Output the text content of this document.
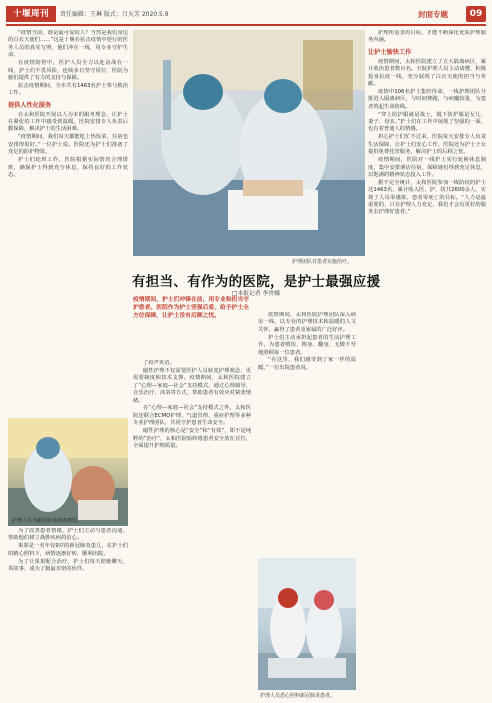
十堰周刊	责任编辑：王琳 版式：吕天芳 2020.5.9	封面专题	09
护理团队对患者实施治疗。
有担当、有作为的医院，是护士最强应援
□本报记者 李贵娜

“疫情当前，谁是最可爱的人？当然是我们身边的白衣天使们……”这是十堰在抗击疫情中逆行的医务人员的真实写照，他们冲在一线，用专业守护生命。

在疫情防控中，医护人员全力以赴奋战在一线，护士们不畏风险，连续多日坚守岗位，医院为她们提供了有力的支持与保障。

抗击疫情期间，全市共有1463名护士参与救治工作。

提供人性化服务

在太和医院开展以人为本的服务理念，让护士在紧张的工作中感受到温暖。医院安排专人负责后勤保障，解决护士的生活困难。

“疫情期间，我们每天都能吃上热饭菜，住宿也安排得很好。”一位护士说。医院还为护士们准备了充足的防护物资。

护士们轮班工作，医院根据实际情况合理排班，确保护士得到充分休息，保持良好的工作状态。

护理人员为新冠肺炎病患喂饭。

为了改善患者情绪，护士们主动与患者沟通，帮助他们树立战胜疾病的信心。

果果是一名年仅9岁的新冠肺炎患儿，在护士们的精心照料下，病情逐渐好转，顺利出院。

为了让果果配合治疗，护士们每天陪她聊天、讲故事，成为了她最亲密的伙伴。

疫情期间，护士们冲锋在前，用专业和担当守护患者。医院作为护士坚强后盾，给予护士全方位保障，让护士没有后顾之忧。

了疫声英语。

磁性护理不仅需要医护人员转变护理观念，更需要制度和技术支撑。疫情期间，太和医院建立了“心理—家庭—社会”支持模式，通过心理疏导、音乐治疗、沐浴等方式，帮助患者有效应对紧张情绪。

在“心理—家庭—社会”支持模式之外，太和医院还联合ECMO护理、气道管理、重症护理等多种专业护理团队，共同守护患者生命安全。

磁性护理的核心是“安全”和“有效”，即不是纯粹的“治疗”，太和医院始终将患者安全放在首位，全面提升护理质量。

疫情期间，太和医院护理团队深入病房一线，以专业的护理技术和温暖的人文关怀，赢得了患者及家属的广泛好评。

护士们主动承担起患者的生活护理工作，为患者喂饭、擦身、翻身，无微不至地照顾每一位患者。

“在这里，我们感受到了家一样的温暖。”一位出院患者说。

护理人员悉心照料新冠肺炎患者。

护理所追求的目标，才能不断深化优质护理服务内涵。

让护士愉快工作

疫情期间，太和医院建立了五大隔离病区，累计收治患者数百名。全院护理人员主动请缨，积极投身抗疫一线，充分展现了白衣天使的担当与奉献。

疫情中106名护士集结待命，一线护理团队分批进入隔离病区，与时间赛跑，与病魔较量，为患者筑起生命防线。

“穿上防护服就是战士，脱下防护服是女儿、妻子、母亲。”护士们在工作中展现了坚强的一面，也有着普通人的情感。

担心护士们忙不过来，医院每天安排专人负责生活保障，让护士们安心工作。医院还为护士子女提供免费托管服务，解决护士的后顾之忧。

疫情期间，医院对一线护士实行轮换休息制度，集中安排酒店住宿，保障她们得到充足休息，以饱满的精神状态投入工作。

据不完全统计，太和医院参加一线防疫的护士达1463名，累计收入医、护、技共2600余人，实现了人员零感染、患者零死亡的目标。“人力是最重要的，只有护理人力充足，我们才会有更好的服务去护理好患者。”
